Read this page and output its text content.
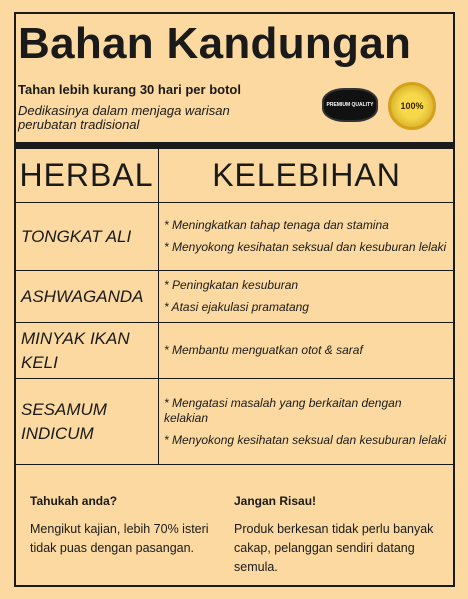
Bahan Kandungan
Tahan lebih kurang 30 hari per botol
Dedikasinya dalam menjaga warisan perubatan tradisional
PREMIUM QUALITY	100%
HERBAL	KELEBIHAN
TONGKAT ALI	* Meningkatkan tahap tenaga dan stamina
* Menyokong kesihatan seksual dan kesuburan lelaki

ASHWAGANDA	* Peningkatan kesuburan
* Atasi ejakulasi pramatang

MINYAK IKAN KELI	* Membantu menguatkan otot & saraf

SESAMUM INDICUM	* Mengatasi masalah yang berkaitan dengan kelakian
* Menyokong kesihatan seksual dan kesuburan lelaki
Tahukah anda?

Mengikut kajian, lebih 70% isteri tidak puas dengan pasangan.

Jangan Risau!

Produk berkesan tidak perlu banyak cakap, pelanggan sendiri datang semula.
